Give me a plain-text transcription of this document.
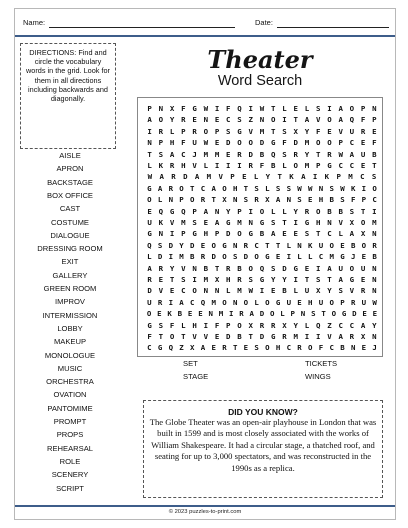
Name:	Date:
DIRECTIONS: Find and circle the vocabulary words in the grid. Look for them in all directions including backwards and diagonally.
Theater
Word Search
P N X F G W I F Q I W T L E L S I A O P N
A O Y R E N E C S Z N O I T A V O A Q F P
I R L P R O P S G V M T S X Y F E V U R E
N P H F U W E D O O D G F D M O O P C E F
T S A C J M M E R D B Q S R Y T R W A U B
L K R H V L I I I R F B L O M P G C C E T
W A R D A M V P E L Y T K A I K P M C S
G A R O T C A O H T S L S S W W N S W K I O
O L N P O R T X N S R X A N S E H B S F P C
E Q G Q P A N Y P I O L L Y R O B B S T I
U K V M S E A G M N G S T I G H N V X O M
G N I P G H P D O G B A E E S T C L A X N
Q S D Y D E O G N R C T T L N K U O E B O R
L D I M B R D O S D O G E I L L C M G J E B
A R Y V N B T R B O Q S D G E I A U O U N
R E T S I M X H R S G Y Y I T S T A G E N
D V E C O N N L M W I E B L U X Y S V R N
U R I A C Q M O N O L O G U E H U O P R U W
O E K B E E N M I R A D O L P N S T O G D E E
G S F L H I F P O X R R X Y L Q Z C C A Y
F T O T V V E D B T D G R M I I V A R X N
C G Q Z X A E R T E S O H C R O F C B N E J
AISLE
APRON
BACKSTAGE
BOX OFFICE
CAST
COSTUME
DIALOGUE
DRESSING ROOM
EXIT
GALLERY
GREEN ROOM
IMPROV
INTERMISSION
LOBBY
MAKEUP
MONOLOGUE
MUSIC
ORCHESTRA
OVATION
PANTOMIME
PROMPT
PROPS
REHEARSAL
ROLE
SCENERY
SCRIPT
SET
STAGE
TICKETS
WINGS
DID YOU KNOW?

The Globe Theater was an open-air playhouse in London that was built in 1599 and is most closely associated with the works of William Shakespeare. It had a circular stage, a thatched roof, and seating for up to 3,000 spectators, and was reconstructed in the 1990s as a replica.

© 2023 puzzles-to-print.com
